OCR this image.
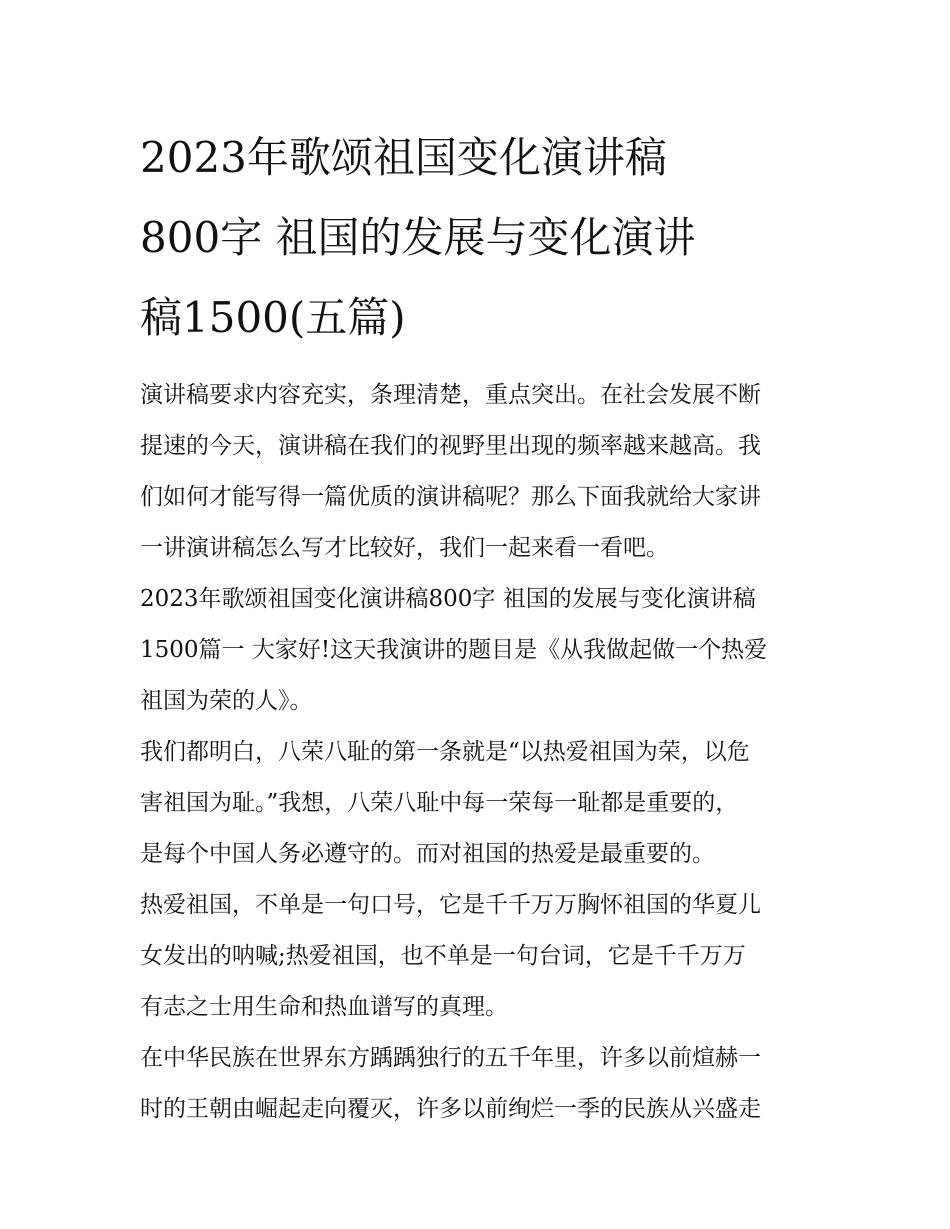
2023年歌颂祖国变化演讲稿
800字 祖国的发展与变化演讲
稿1500(五篇)

演讲稿要求内容充实，条理清楚，重点突出。在社会发展不断
提速的今天，演讲稿在我们的视野里出现的频率越来越高。我
们如何才能写得一篇优质的演讲稿呢？那么下面我就给大家讲
一讲演讲稿怎么写才比较好，我们一起来看一看吧。

2023年歌颂祖国变化演讲稿800字 祖国的发展与变化演讲稿
1500篇一 大家好!这天我演讲的题目是《从我做起做一个热爱
祖国为荣的人》。

我们都明白，八荣八耻的第一条就是“以热爱祖国为荣，以危
害祖国为耻。”我想，八荣八耻中每一荣每一耻都是重要的，
是每个中国人务必遵守的。而对祖国的热爱是最重要的。

热爱祖国，不单是一句口号，它是千千万万胸怀祖国的华夏儿
女发出的呐喊;热爱祖国，也不单是一句台词，它是千千万万
有志之士用生命和热血谱写的真理。

在中华民族在世界东方踽踽独行的五千年里，许多以前煊赫一
时的王朝由崛起走向覆灭，许多以前绚烂一季的民族从兴盛走
